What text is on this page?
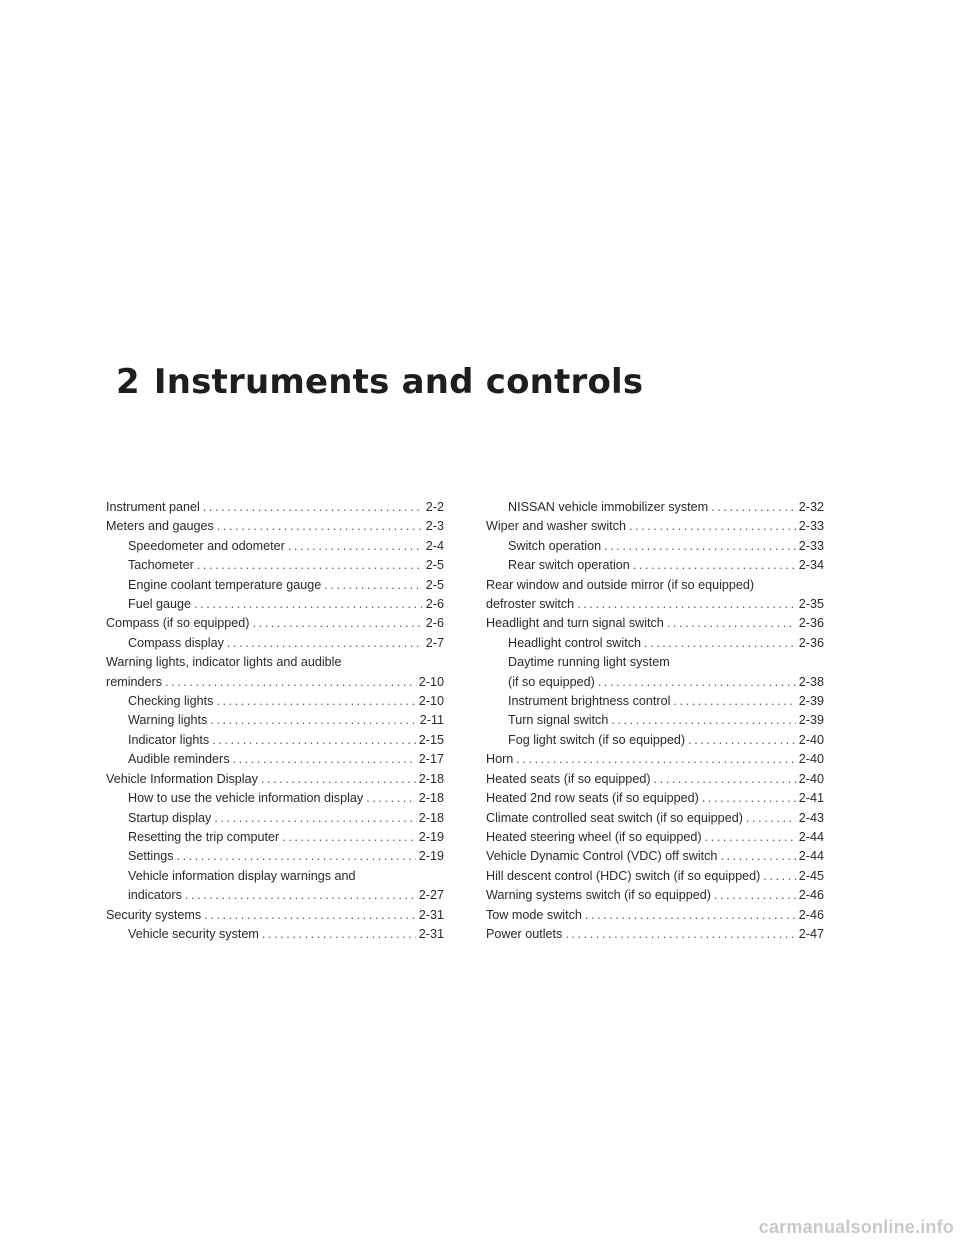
2 Instruments and controls
Instrument panel .....	2-2
Meters and gauges .....	2-3
Speedometer and odometer .....	2-4
Tachometer .....	2-5
Engine coolant temperature gauge .....	2-5
Fuel gauge .....	2-6
Compass (if so equipped) .....	2-6
Compass display .....	2-7
Warning lights, indicator lights and audible
reminders .....	2-10
Checking lights .....	2-10
Warning lights .....	2-11
Indicator lights .....	2-15
Audible reminders .....	2-17
Vehicle Information Display .....	2-18
How to use the vehicle information display .....	2-18
Startup display .....	2-18
Resetting the trip computer .....	2-19
Settings .....	2-19
Vehicle information display warnings and
indicators .....	2-27
Security systems .....	2-31
Vehicle security system .....	2-31
NISSAN vehicle immobilizer system .....	2-32
Wiper and washer switch .....	2-33
Switch operation .....	2-33
Rear switch operation .....	2-34
Rear window and outside mirror (if so equipped)
defroster switch .....	2-35
Headlight and turn signal switch .....	2-36
Headlight control switch .....	2-36
Daytime running light system
(if so equipped) .....	2-38
Instrument brightness control .....	2-39
Turn signal switch .....	2-39
Fog light switch (if so equipped) .....	2-40
Horn .....	2-40
Heated seats (if so equipped) .....	2-40
Heated 2nd row seats (if so equipped) .....	2-41
Climate controlled seat switch (if so equipped) .....	2-43
Heated steering wheel (if so equipped) .....	2-44
Vehicle Dynamic Control (VDC) off switch .....	2-44
Hill descent control (HDC) switch (if so equipped) .....	2-45
Warning systems switch (if so equipped) .....	2-46
Tow mode switch .....	2-46
Power outlets .....	2-47
carmanualsonline.info
